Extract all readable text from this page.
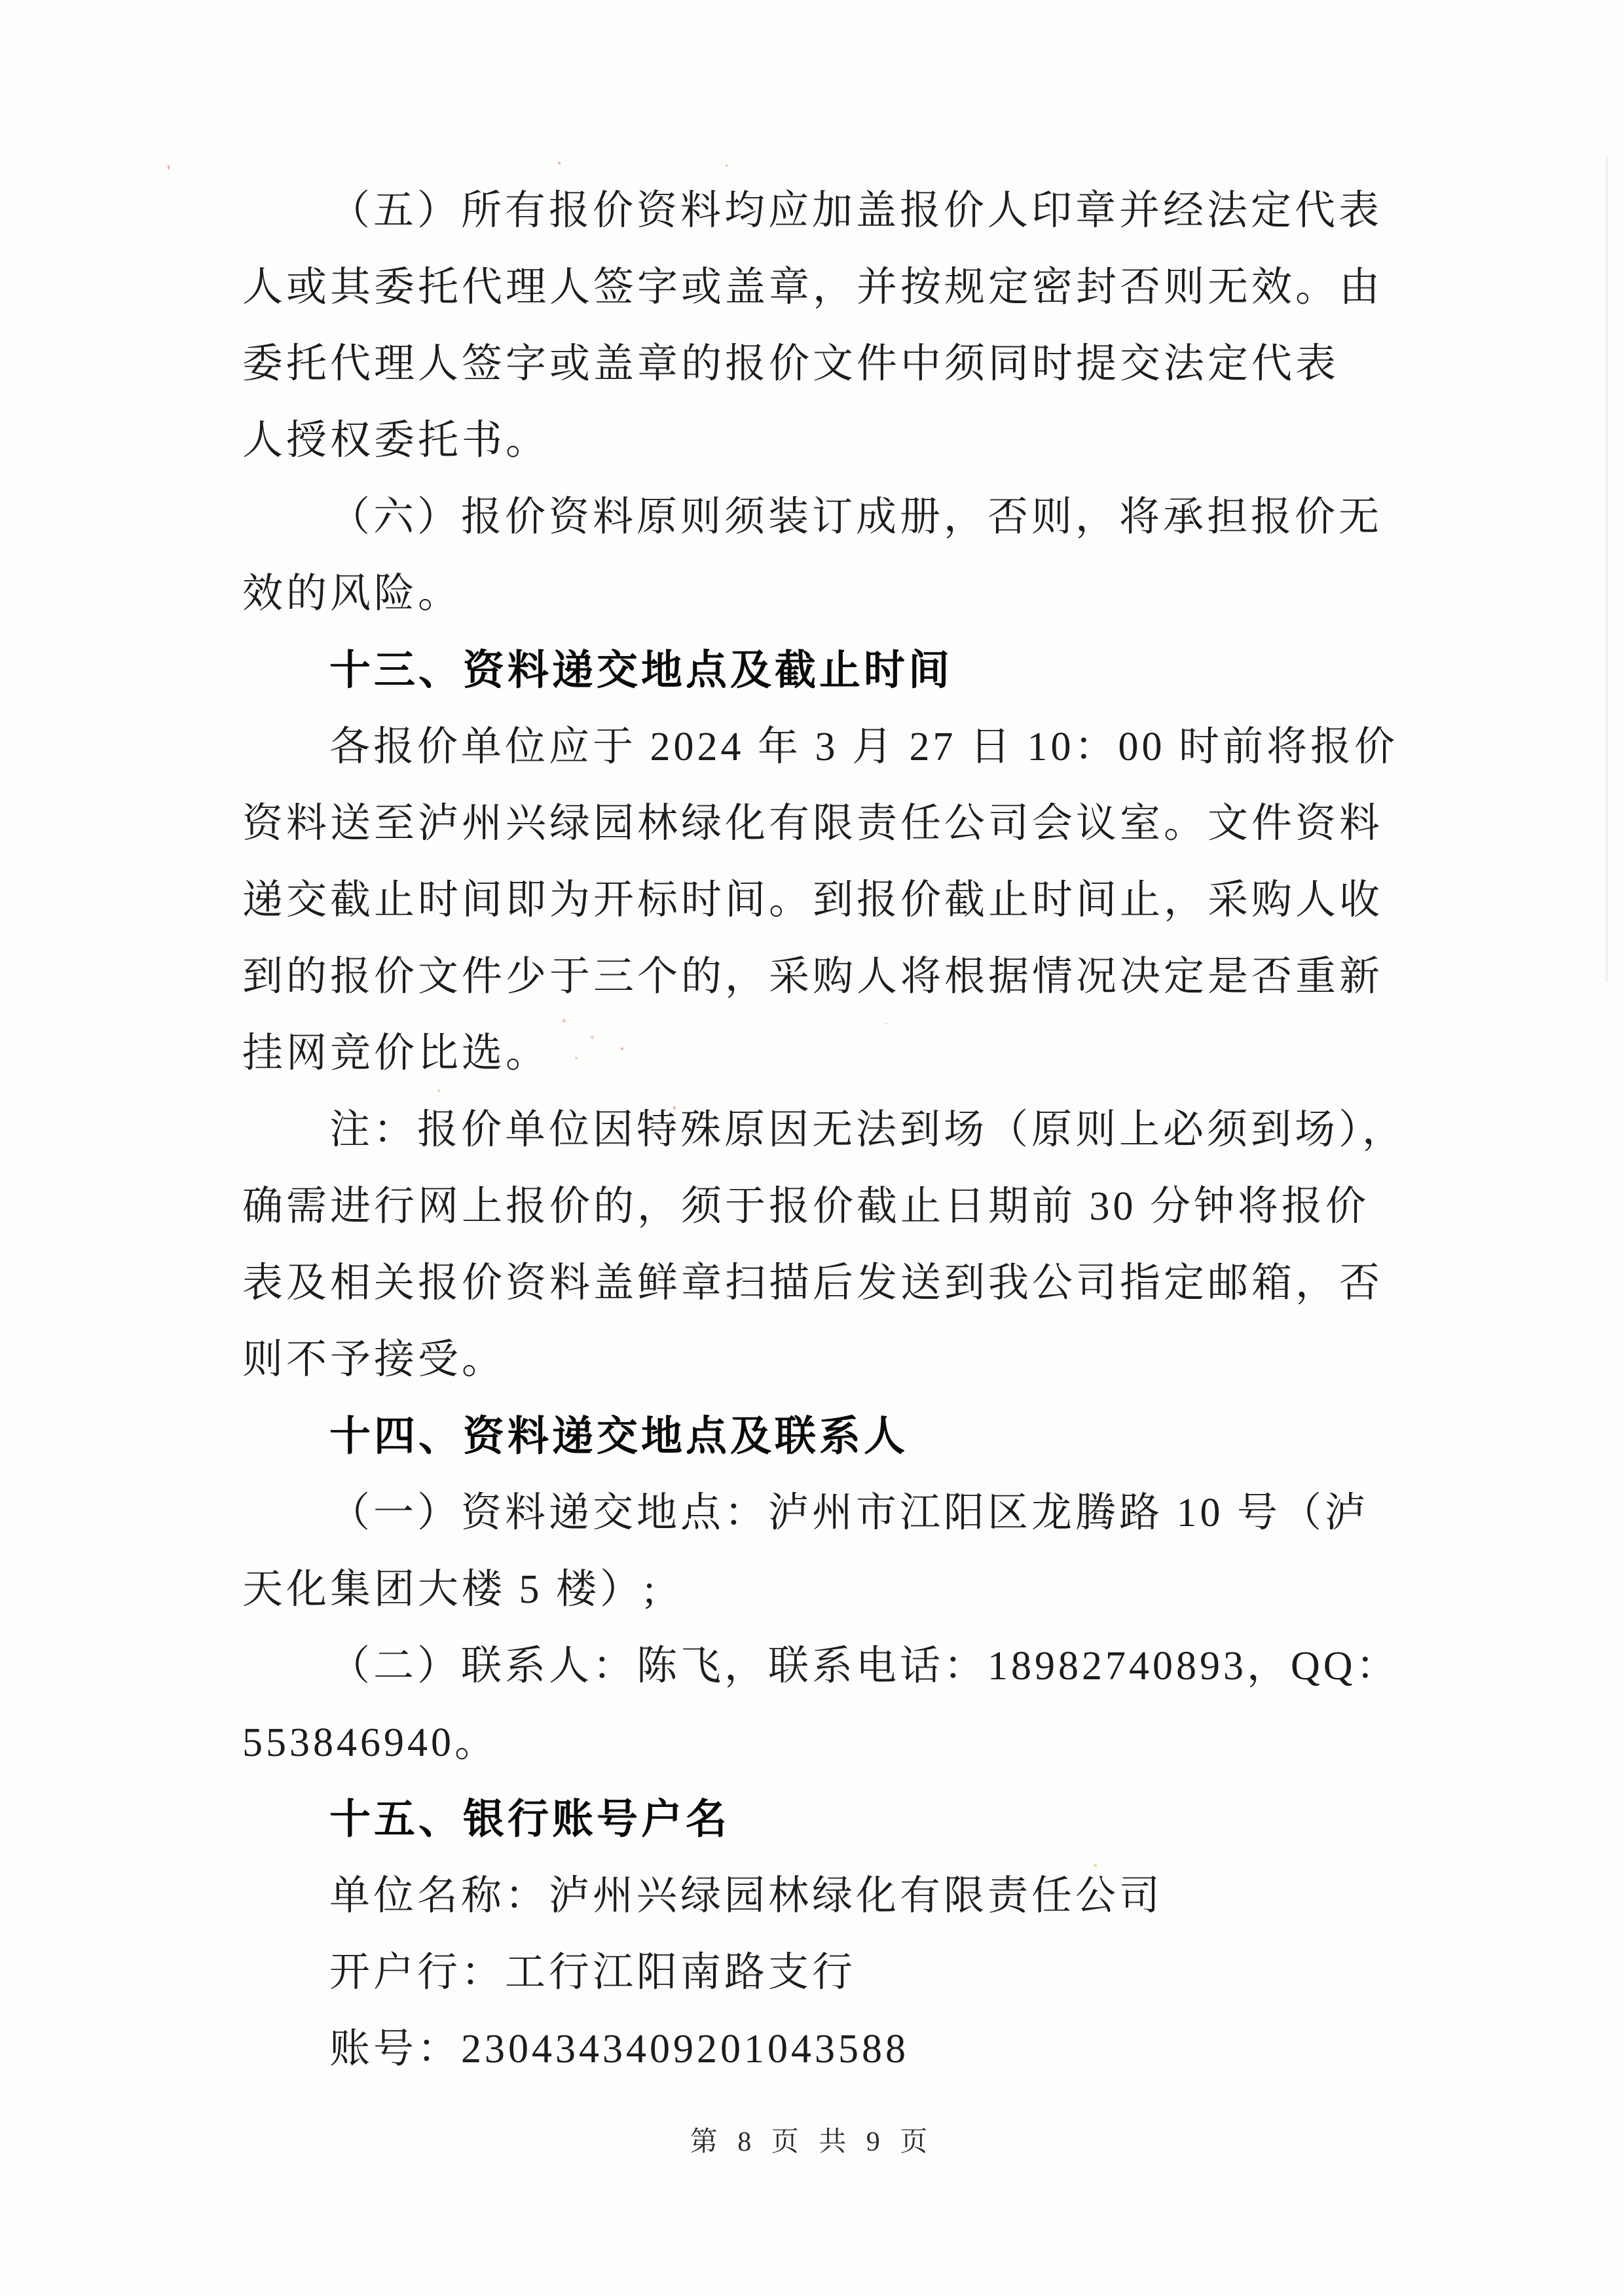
（五）所有报价资料均应加盖报价人印章并经法定代表
人或其委托代理人签字或盖章，并按规定密封否则无效。由
委托代理人签字或盖章的报价文件中须同时提交法定代表
人授权委托书。
（六）报价资料原则须装订成册，否则，将承担报价无
效的风险。
十三、资料递交地点及截止时间
各报价单位应于 2024 年 3 月 27 日 10：00 时前将报价
资料送至泸州兴绿园林绿化有限责任公司会议室。文件资料
递交截止时间即为开标时间。到报价截止时间止，采购人收
到的报价文件少于三个的，采购人将根据情况决定是否重新
挂网竞价比选。
注：报价单位因特殊原因无法到场（原则上必须到场），
确需进行网上报价的，须于报价截止日期前 30 分钟将报价
表及相关报价资料盖鲜章扫描后发送到我公司指定邮箱，否
则不予接受。
十四、资料递交地点及联系人
（一）资料递交地点：泸州市江阳区龙腾路 10 号（泸
天化集团大楼 5 楼）;
（二）联系人：陈飞，联系电话：18982740893，QQ：
553846940。
十五、银行账号户名
单位名称：泸州兴绿园林绿化有限责任公司
开户行：工行江阳南路支行
账号：2304343409201043588
第 8 页 共 9 页
